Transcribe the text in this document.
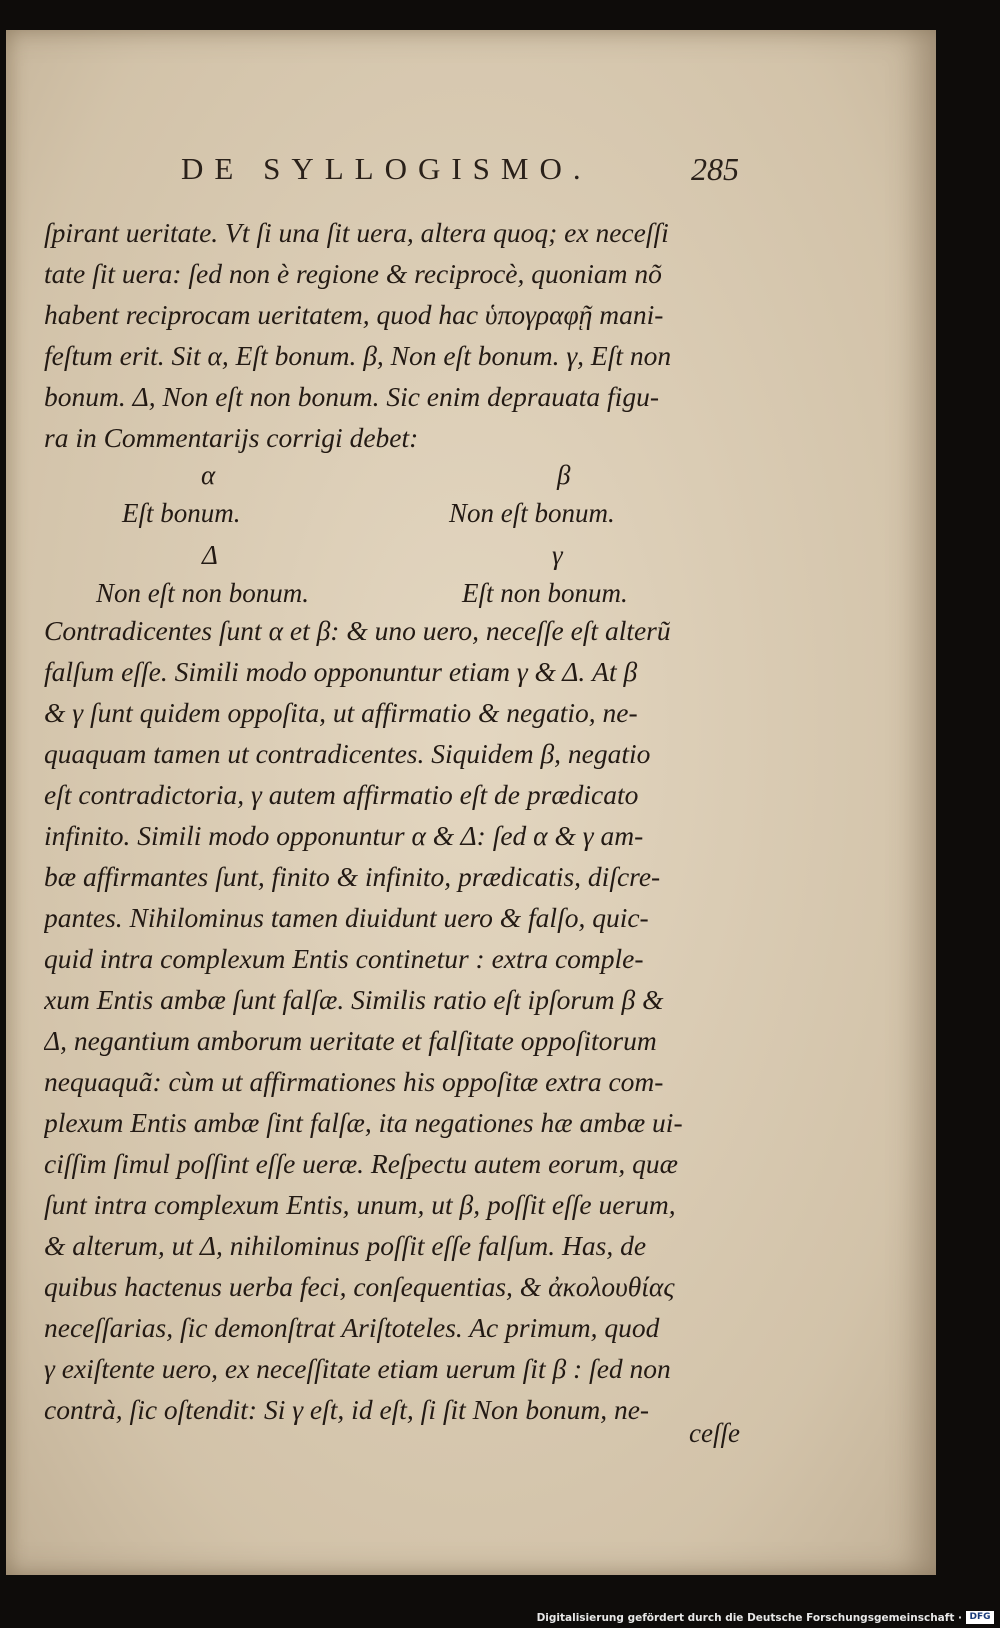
DE SYLLOGISMO.	285
ſpirant ueritate. Vt ſi una ſit uera, altera quoq; ex neceſſi
tate ſit uera: ſed non è regione & reciprocè, quoniam nõ
habent reciprocam ueritatem, quod hac ὑπογραφῇ mani-
feſtum erit. Sit α, Eſt bonum. β, Non eſt bonum. γ, Eſt non
bonum. Δ, Non eſt non bonum. Sic enim deprauata figu-
ra in Commentarijs corrigi debet:
α
Eſt bonum.
β
Non eſt bonum.
Δ
Non eſt non bonum.
γ
Eſt non bonum.
Contradicentes ſunt α et β: & uno uero, neceſſe eſt alterũ
falſum eſſe. Simili modo opponuntur etiam γ & Δ. At β
& γ ſunt quidem oppoſita, ut affirmatio & negatio, ne-
quaquam tamen ut contradicentes. Siquidem β, negatio
eſt contradictoria, γ autem affirmatio eſt de prædicato
infinito. Simili modo opponuntur α & Δ: ſed α & γ am-
bæ affirmantes ſunt, finito & infinito, prædicatis, diſcre-
pantes. Nihilominus tamen diuidunt uero & falſo, quic-
quid intra complexum Entis continetur : extra comple-
xum Entis ambæ ſunt falſæ. Similis ratio eſt ipſorum β &
Δ, negantium amborum ueritate et falſitate oppoſitorum
nequaquã: cùm ut affirmationes his oppoſitæ extra com-
plexum Entis ambæ ſint falſæ, ita negationes hæ ambæ ui-
ciſſim ſimul poſſint eſſe ueræ. Reſpectu autem eorum, quæ
ſunt intra complexum Entis, unum, ut β, poſſit eſſe uerum,
& alterum, ut Δ, nihilominus poſſit eſſe falſum. Has, de
quibus hactenus uerba feci, conſequentias, & ἀκολουθίας
neceſſarias, ſic demonſtrat Ariſtoteles. Ac primum, quod
γ exiſtente uero, ex neceſſitate etiam uerum ſit β : ſed non
contrà, ſic oſtendit: Si γ eſt, id eſt, ſi ſit Non bonum, ne-
ceſſe
Digitalisierung gefördert durch die Deutsche Forschungsgemeinschaft · DFG
